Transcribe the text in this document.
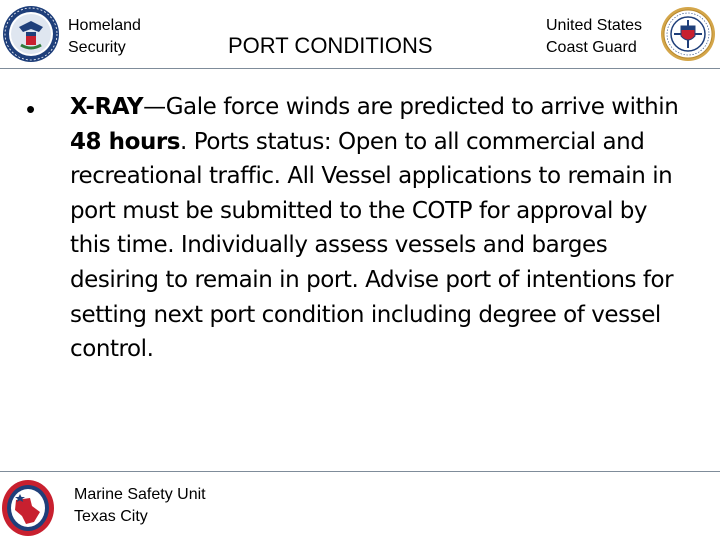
Homeland
Security	PORT CONDITIONS
United States
Coast Guard
• X-RAY—Gale force winds are predicted to arrive within 48 hours. Ports status: Open to all commercial and recreational traffic. All Vessel applications to remain in port must be submitted to the COTP for approval by this time. Individually assess vessels and barges desiring to remain in port. Advise port of intentions for setting next port condition including degree of vessel control.
Marine Safety Unit
Texas City
